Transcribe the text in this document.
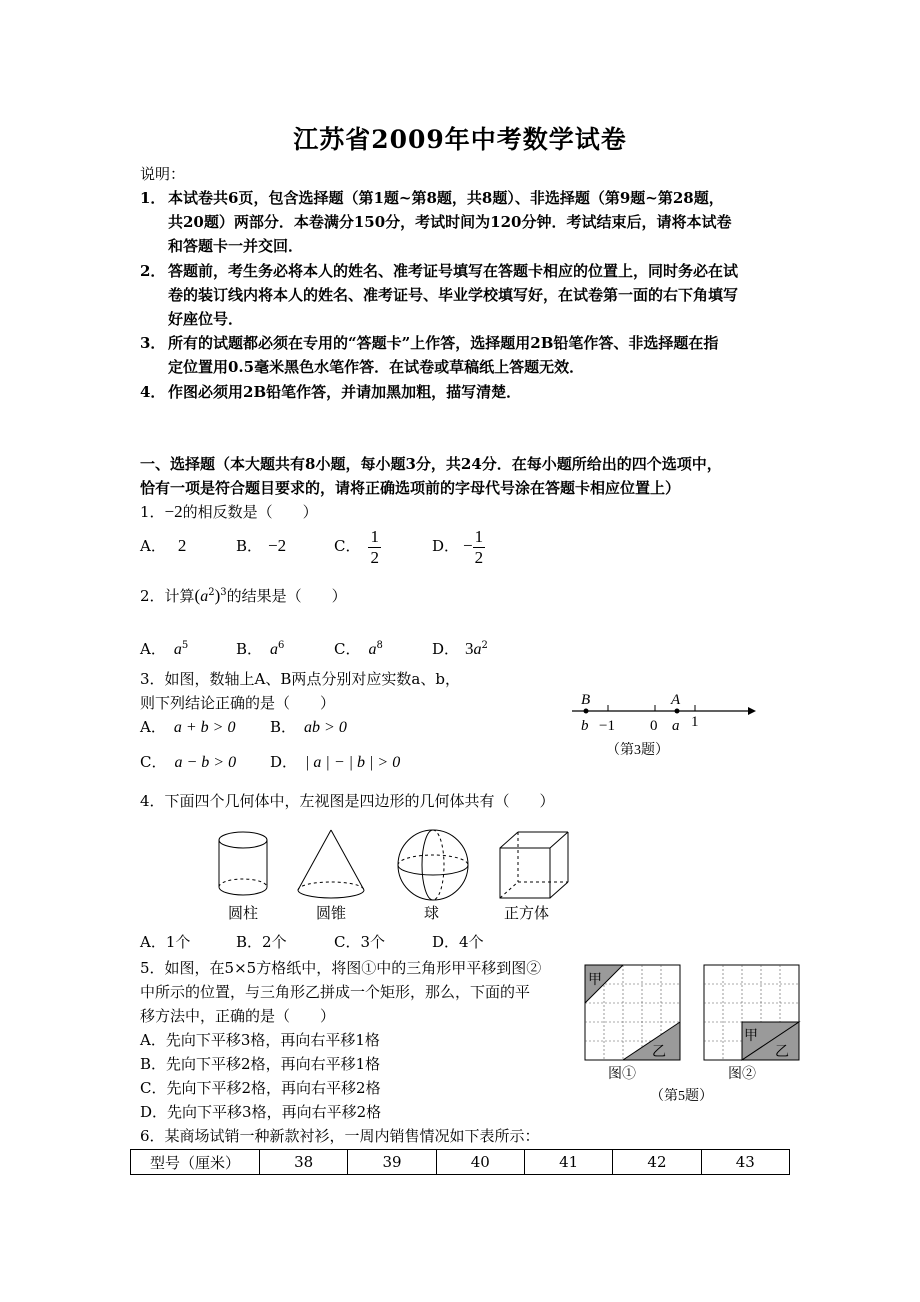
江苏省2009年中考数学试卷
说明：
1． 本试卷共6页，包含选择题（第1题~第8题，共8题）、非选择题（第9题~第28题，
共20题）两部分．本卷满分150分，考试时间为120分钟．考试结束后，请将本试卷
和答题卡一并交回．
2． 答题前，考生务必将本人的姓名、准考证号填写在答题卡相应的位置上，同时务必在试
卷的装订线内将本人的姓名、准考证号、毕业学校填写好，在试卷第一面的右下角填写
好座位号．
3． 所有的试题都必须在专用的“答题卡”上作答，选择题用2B铅笔作答、非选择题在指
定位置用0.5毫米黑色水笔作答．在试卷或草稿纸上答题无效．
4． 作图必须用2B铅笔作答，并请加黑加粗，描写清楚．
一、选择题（本大题共有8小题，每小题3分，共24分．在每小题所给出的四个选项中，
恰有一项是符合题目要求的，请将正确选项前的字母代号涂在答题卡相应位置上）
1．−2的相反数是（　　）
A． 2	B． −2	C． $\frac{1}{2}$	D． − $\frac{1}{2}$
2．计算$(a^2)^3$的结果是（　　）
A． $a^5$	B． $a^6$	C． $a^8$	D． $3a^2$
3．如图，数轴上A、B两点分别对应实数a、b，
则下列结论正确的是（　　）
A． a + b > 0 B． ab > 0
C． a − b > 0 D． | a | − | b | > 0
B	A
b −1 0 a 1
（第3题）
4．下面四个几何体中，左视图是四边形的几何体共有（　　）
圆柱	圆锥	球	正方体
A．1个	B．2个	C．3个	D．4个
5．如图，在5×5方格纸中，将图①中的三角形甲平移到图②
中所示的位置，与三角形乙拼成一个矩形，那么，下面的平
移方法中，正确的是（　　）
A．先向下平移3格，再向右平移1格
B．先向下平移2格，再向右平移1格
C．先向下平移2格，再向右平移2格
D．先向下平移3格，再向右平移2格
甲
乙
甲
乙
图①	图②
（第5题）
6．某商场试销一种新款衬衫，一周内销售情况如下表所示：
型号（厘米）	38	39	40	41	42	43
